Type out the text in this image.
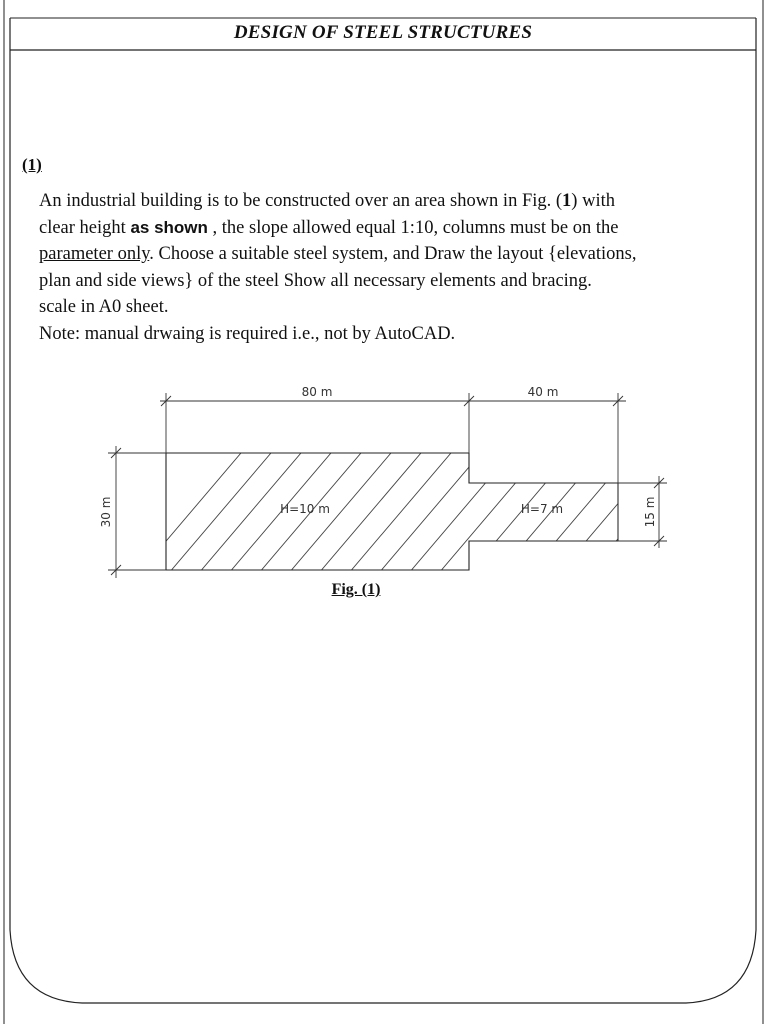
DESIGN OF STEEL STRUCTURES
(1)
An industrial building is to be constructed over an area shown in Fig. (1) with
clear height as shown , the slope allowed equal 1:10, columns must be on the
parameter only. Choose a suitable steel system, and Draw the layout {elevations,
plan and side views} of the steel Show all necessary elements and bracing.
scale in A0 sheet.
Note: manual drwaing is required i.e., not by AutoCAD.
80 m	40 m
30 m	15 m
H=10 m	H=7 m
Fig. (1)
